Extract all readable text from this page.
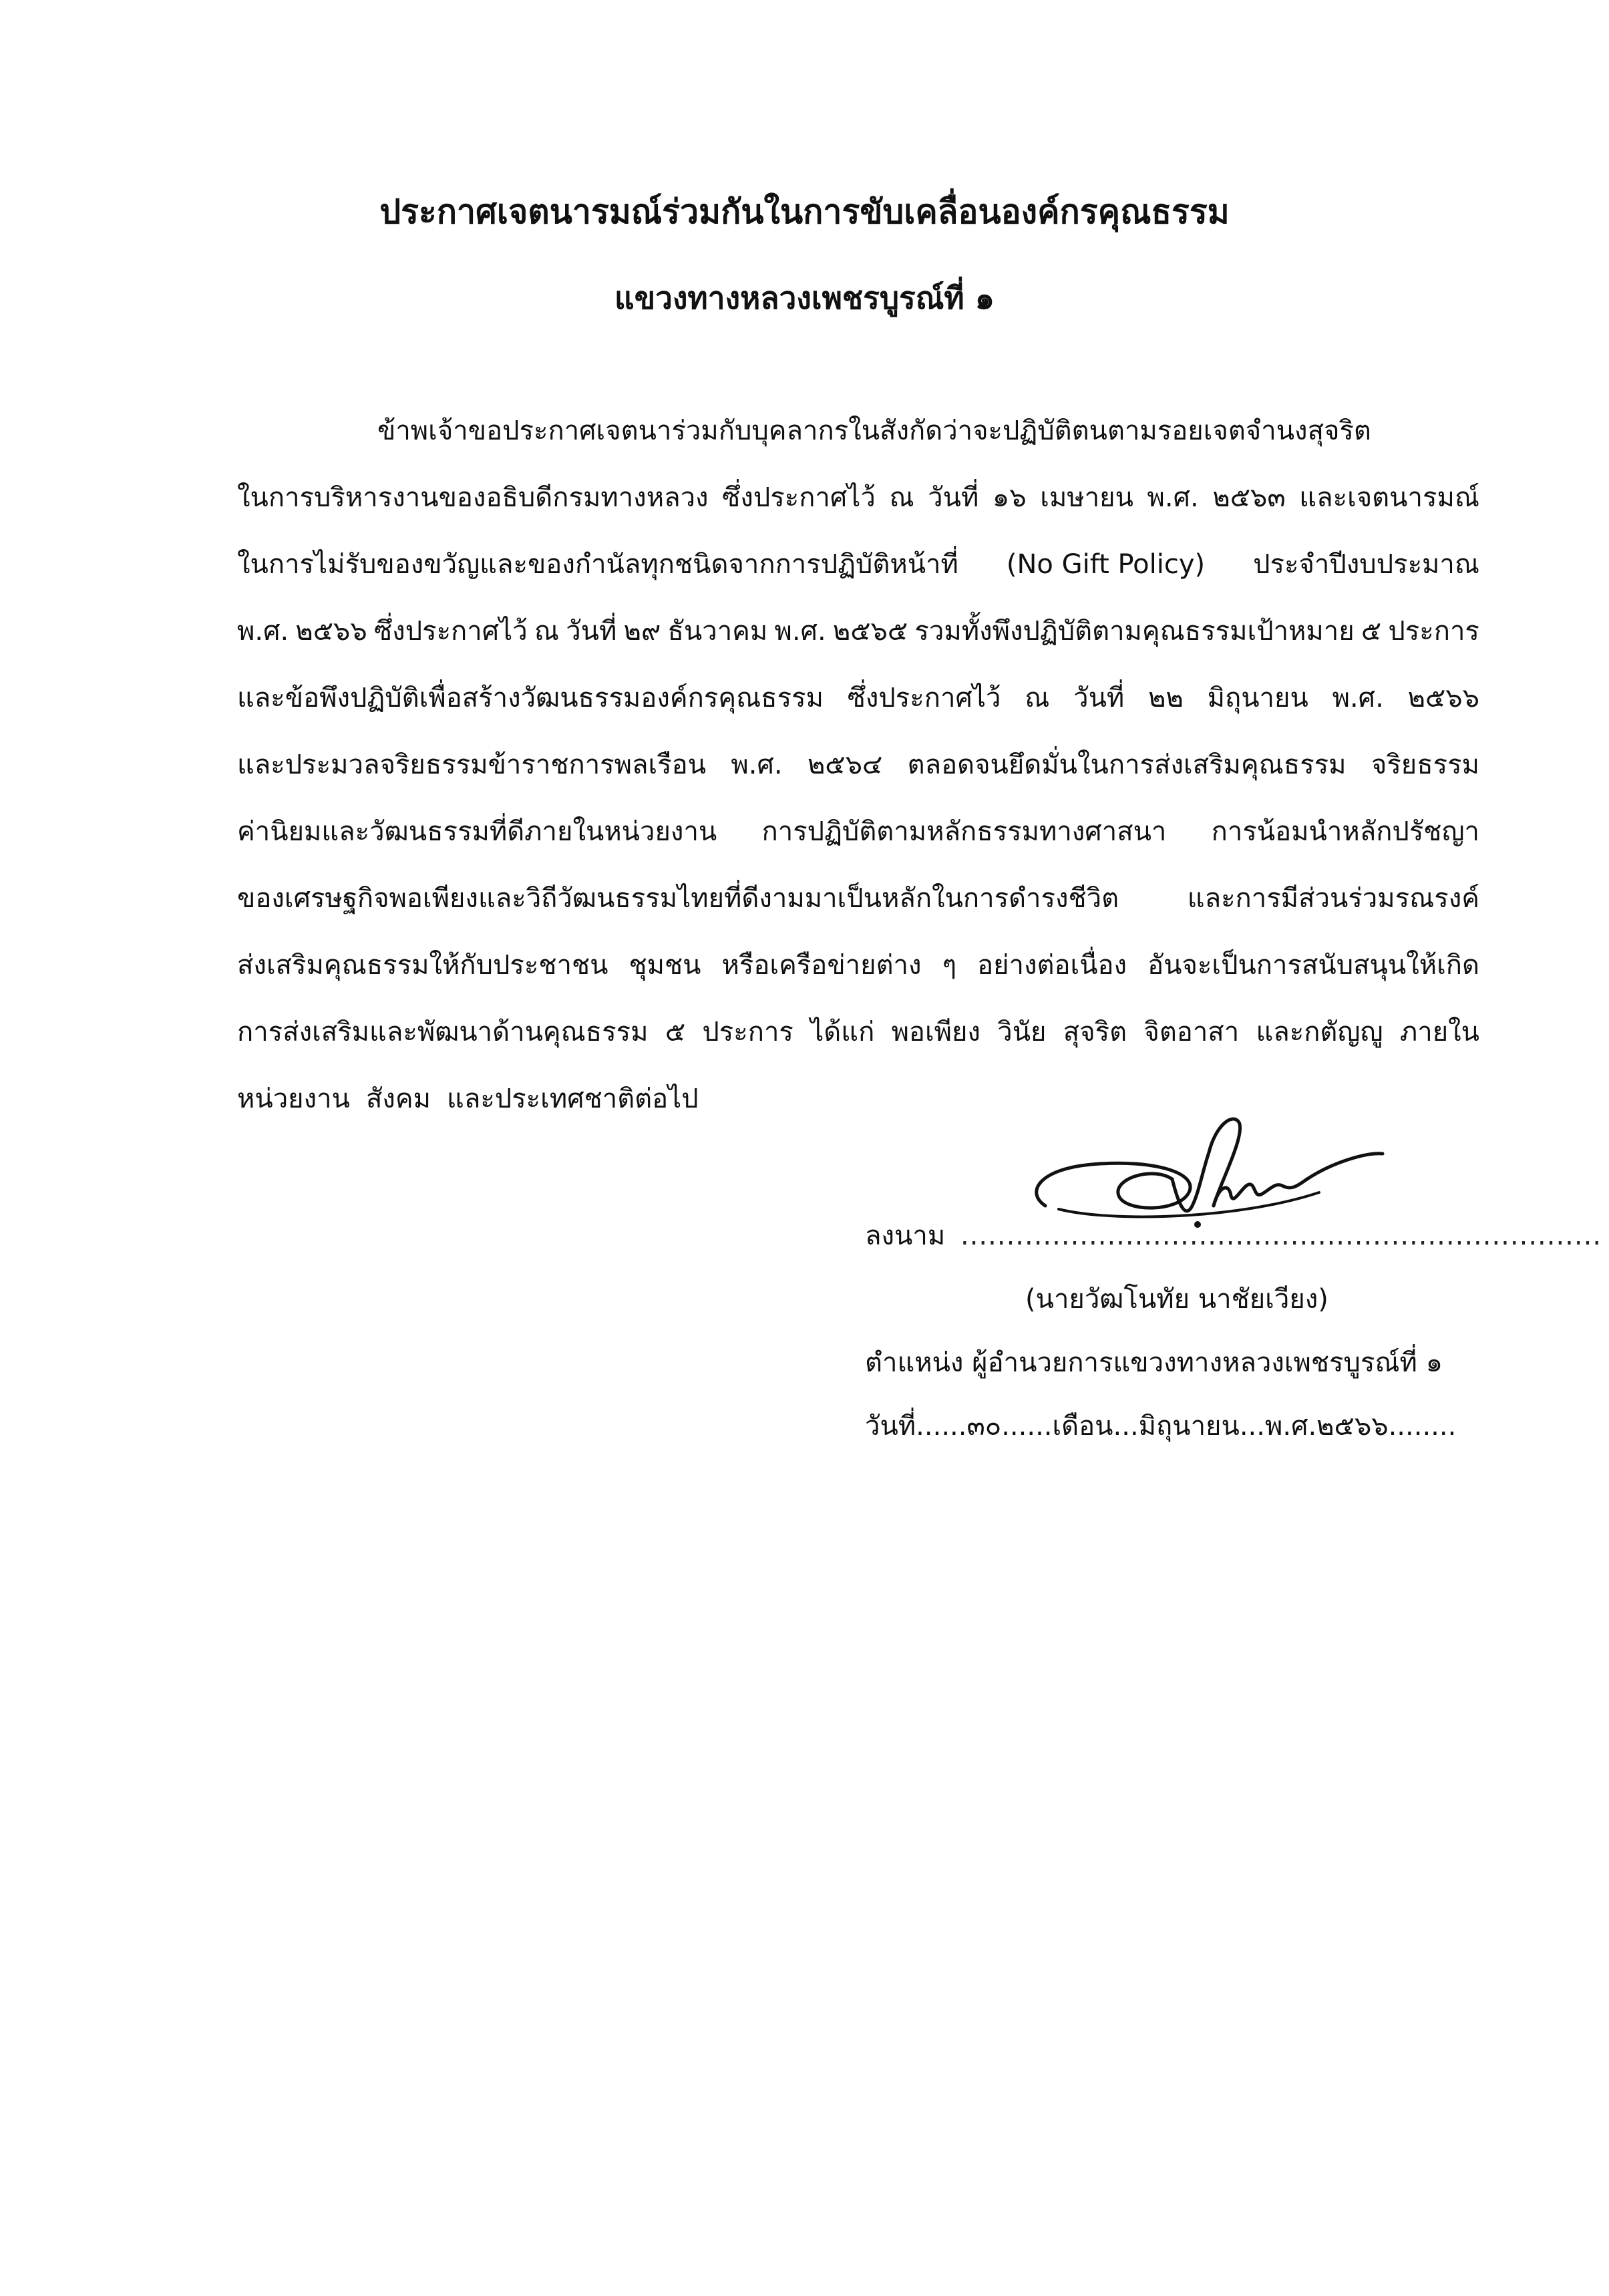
ประกาศเจตนารมณ์ร่วมกันในการขับเคลื่อนองค์กรคุณธรรม
แขวงทางหลวงเพชรบูรณ์ที่ ๑
ข้าพเจ้าขอประกาศเจตนาร่วมกับบุคลากรในสังกัดว่าจะปฏิบัติตนตามรอยเจตจำนงสุจริต
ในการบริหารงานของอธิบดีกรมทางหลวง ซึ่งประกาศไว้ ณ วันที่ ๑๖ เมษายน พ.ศ. ๒๕๖๓ และเจตนารมณ์
ในการไม่รับของขวัญและของกำนัลทุกชนิดจากการปฏิบัติหน้าที่ (No Gift Policy) ประจำปีงบประมาณ
พ.ศ. ๒๕๖๖ ซึ่งประกาศไว้ ณ วันที่ ๒๙ ธันวาคม พ.ศ. ๒๕๖๕ รวมทั้งพึงปฏิบัติตามคุณธรรมเป้าหมาย ๕ ประการ
และข้อพึงปฏิบัติเพื่อสร้างวัฒนธรรมองค์กรคุณธรรม ซึ่งประกาศไว้ ณ วันที่ ๒๒ มิถุนายน พ.ศ. ๒๕๖๖
และประมวลจริยธรรมข้าราชการพลเรือน พ.ศ. ๒๕๖๔ ตลอดจนยึดมั่นในการส่งเสริมคุณธรรม จริยธรรม
ค่านิยมและวัฒนธรรมที่ดีภายในหน่วยงาน การปฏิบัติตามหลักธรรมทางศาสนา การน้อมนำหลักปรัชญา
ของเศรษฐกิจพอเพียงและวิถีวัฒนธรรมไทยที่ดีงามมาเป็นหลักในการดำรงชีวิต	และการมีส่วนร่วมรณรงค์
ส่งเสริมคุณธรรมให้กับประชาชน ชุมชน หรือเครือข่ายต่าง ๆ อย่างต่อเนื่อง อันจะเป็นการสนับสนุนให้เกิด
การส่งเสริมและพัฒนาด้านคุณธรรม ๕ ประการ ได้แก่ พอเพียง วินัย สุจริต จิตอาสา และกตัญญู ภายใน
หน่วยงาน สังคม และประเทศชาติต่อไป
ลงนาม ......................................................................
(นายวัฒโนทัย นาชัยเวียง)
ตำแหน่ง ผู้อำนวยการแขวงทางหลวงเพชรบูรณ์ที่ ๑
วันที่......๓๐......เดือน...มิถุนายน...พ.ศ.๒๕๖๖........
